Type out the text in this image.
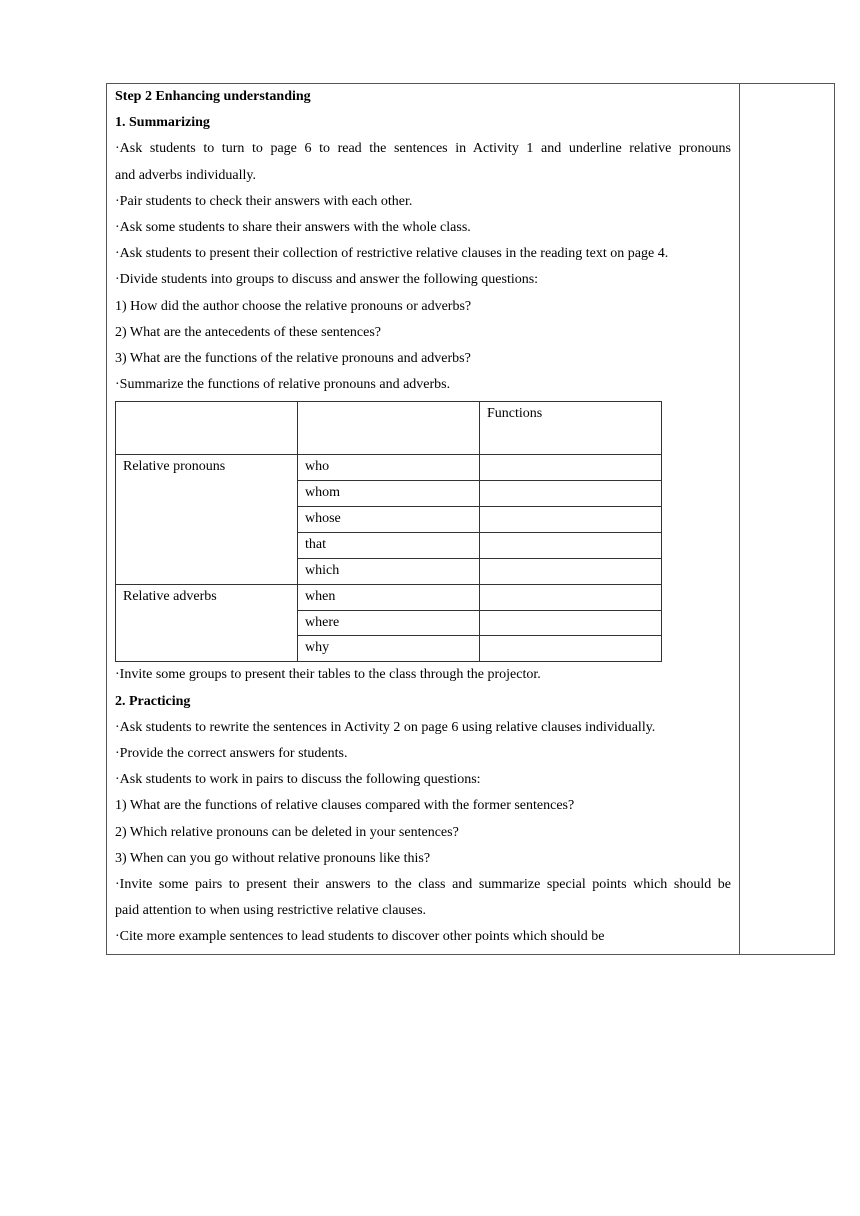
Step 2 Enhancing understanding
1. Summarizing
·Ask students to turn to page 6 to read the sentences in Activity 1 and underline relative pronouns
and adverbs individually.
·Pair students to check their answers with each other.
·Ask some students to share their answers with the whole class.
·Ask students to present their collection of restrictive relative clauses in the reading text on page 4.
·Divide students into groups to discuss and answer the following questions:
1) How did the author choose the relative pronouns or adverbs?
2) What are the antecedents of these sentences?
3) What are the functions of the relative pronouns and adverbs?
·Summarize the functions of relative pronouns and adverbs.
		Functions
Relative pronouns	who	
	whom	
	whose	
	that	
	which	
Relative adverbs	when	
	where	
	why	
·Invite some groups to present their tables to the class through the projector.
2. Practicing
·Ask students to rewrite the sentences in Activity 2 on page 6 using relative clauses individually.
·Provide the correct answers for students.
·Ask students to work in pairs to discuss the following questions:
1) What are the functions of relative clauses compared with the former sentences?
2) Which relative pronouns can be deleted in your sentences?
3) When can you go without relative pronouns like this?
·Invite some pairs to present their answers to the class and summarize special points which should be
paid attention to when using restrictive relative clauses.
·Cite more example sentences to lead students to discover other points which should be
